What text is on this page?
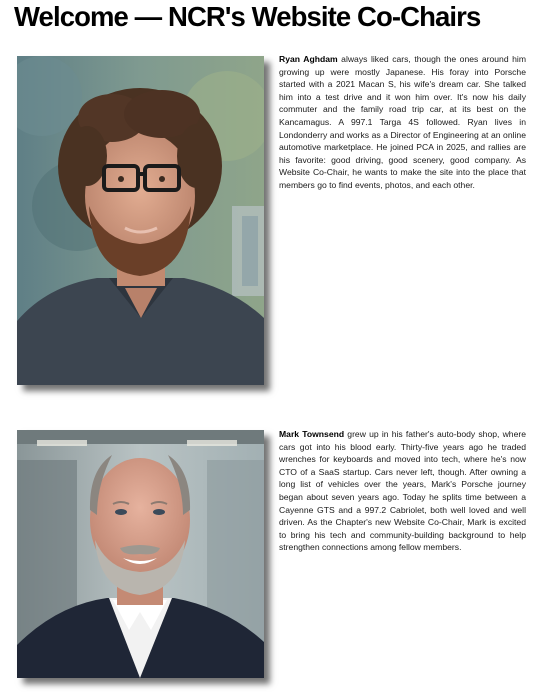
Welcome — NCR's Website Co-Chairs
Ryan Aghdam always liked cars, though the ones around him growing up were mostly Japanese. His foray into Porsche started with a 2021 Macan S, his wife's dream car. She talked him into a test drive and it won him over. It's now his daily commuter and the family road trip car, at its best on the Kancamagus. A 997.1 Targa 4S followed. Ryan lives in Londonderry and works as a Director of Engineering at an online automotive marketplace. He joined PCA in 2025, and rallies are his favorite: good driving, good scenery, good company. As Website Co-Chair, he wants to make the site into the place that members go to find events, photos, and each other.
Mark Townsend grew up in his father's auto-body shop, where cars got into his blood early. Thirty-five years ago he traded wrenches for keyboards and moved into tech, where he's now CTO of a SaaS startup. Cars never left, though. After owning a long list of vehicles over the years, Mark's Porsche journey began about seven years ago. Today he splits time between a Cayenne GTS and a 997.2 Cabriolet, both well loved and well driven. As the Chapter's new Website Co-Chair, Mark is excited to bring his tech and community-building background to help strengthen connections among fellow members.
